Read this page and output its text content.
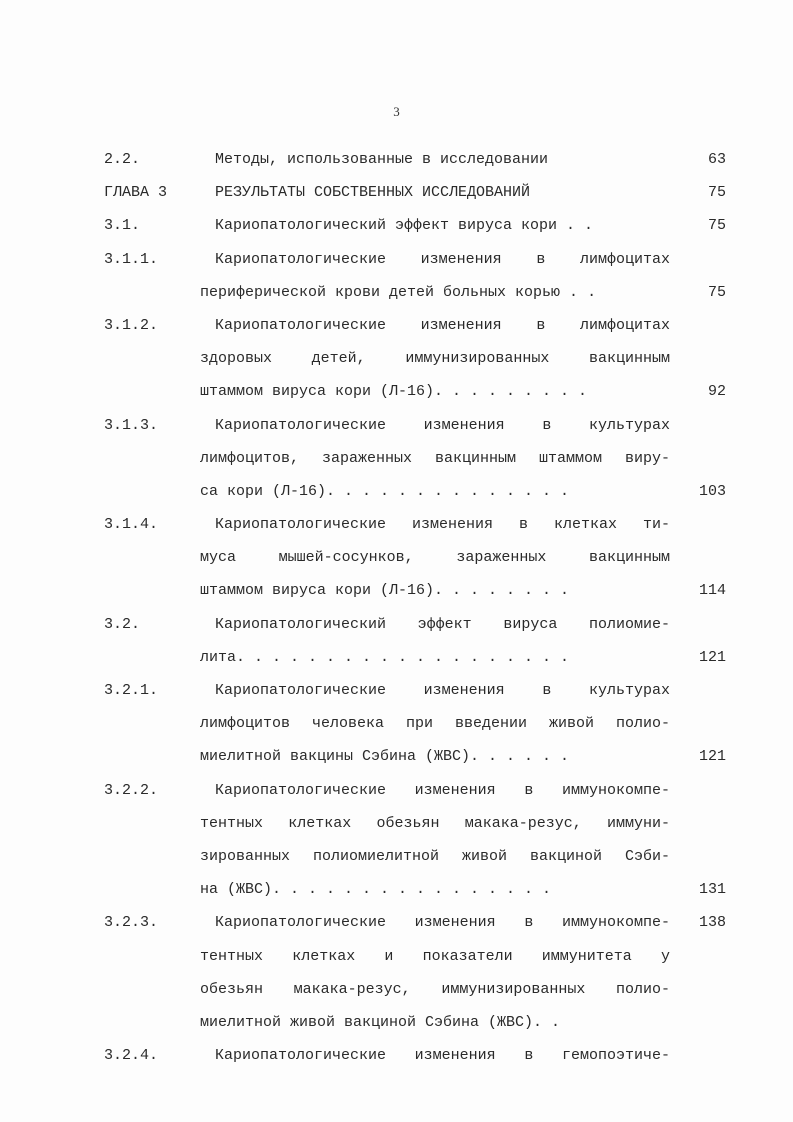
3
2.2.	Методы, использованные в исследовании	63
ГЛАВА 3	РЕЗУЛЬТАТЫ СОБСТВЕННЫХ ИССЛЕДОВАНИЙ	75
3.1.	Кариопатологический эффект вируса кори . .	75
3.1.1.	Кариопатологические изменения в лимфоцитах
периферической крови детей больных корью . .	75
3.1.2.	Кариопатологические изменения в лимфоцитах
здоровых детей, иммунизированных вакцинным
штаммом вируса кори (Л-16). . . . . . . . .	92
3.1.3.	Кариопатологические изменения в культурах
лимфоцитов, зараженных вакцинным штаммом виру-
са кори (Л-16). . . . . . . . . . . . . .	103
3.1.4.	Кариопатологические изменения в клетках ти-
муса мышей-сосунков, зараженных вакцинным
штаммом вируса кори (Л-16). . . . . . . .	114
3.2.	Кариопатологический эффект вируса полиомие-
лита. . . . . . . . . . . . . . . . . . .	121
3.2.1.	Кариопатологические изменения в культурах
лимфоцитов человека при введении живой полио-
миелитной вакцины Сэбина (ЖВС). . . . . .	121
3.2.2.	Кариопатологические изменения в иммунокомпе-
тентных клетках обезьян макака-резус, иммуни-
зированных полиомиелитной живой вакциной Сэби-
на (ЖВС). . . . . . . . . . . . . . . .	131
3.2.3.	Кариопатологические изменения в иммунокомпе-	138
тентных клетках и показатели иммунитета у
обезьян макака-резус, иммунизированных полио-
миелитной живой вакциной Сэбина (ЖВС). .
3.2.4.	Кариопатологические изменения в гемопоэтиче-
